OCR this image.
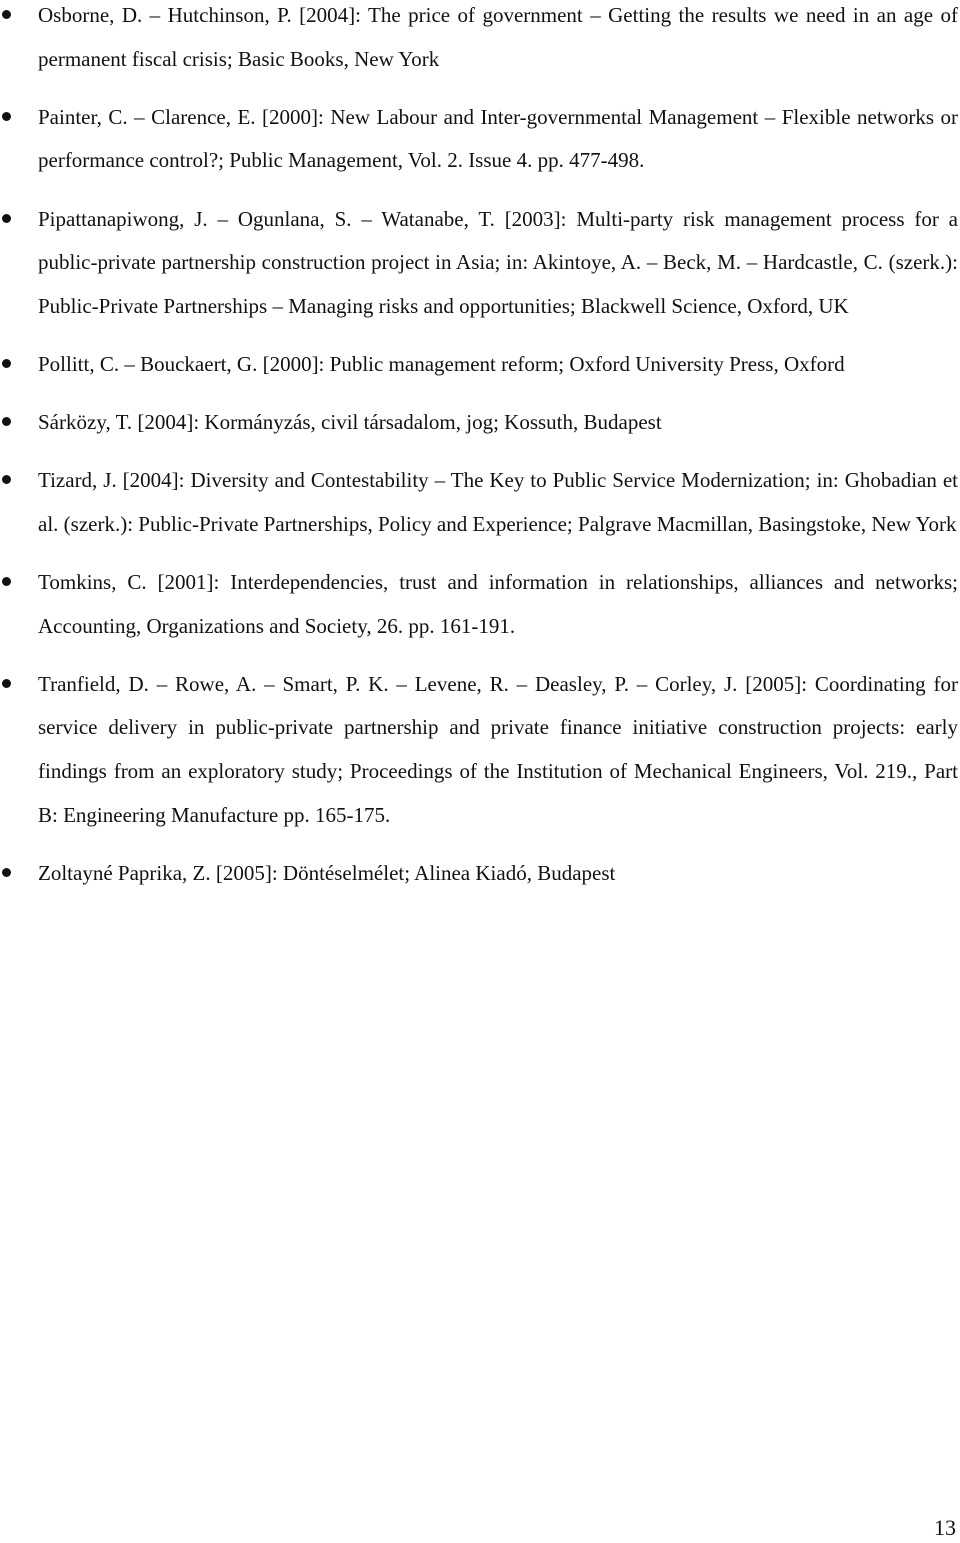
Osborne, D. – Hutchinson, P. [2004]: The price of government – Getting the results we need in an age of permanent fiscal crisis; Basic Books, New York
Painter, C. – Clarence, E. [2000]: New Labour and Inter-governmental Management – Flexible networks or performance control?; Public Management, Vol. 2. Issue 4. pp. 477-498.
Pipattanapiwong, J. – Ogunlana, S. – Watanabe, T. [2003]: Multi-party risk management process for a public-private partnership construction project in Asia; in: Akintoye, A. – Beck, M. – Hardcastle, C. (szerk.): Public-Private Partnerships – Managing risks and opportunities; Blackwell Science, Oxford, UK
Pollitt, C. – Bouckaert, G. [2000]: Public management reform; Oxford University Press, Oxford
Sárközy, T. [2004]: Kormányzás, civil társadalom, jog; Kossuth, Budapest
Tizard, J. [2004]: Diversity and Contestability – The Key to Public Service Modernization; in: Ghobadian et al. (szerk.): Public-Private Partnerships, Policy and Experience; Palgrave Macmillan, Basingstoke, New York
Tomkins, C. [2001]: Interdependencies, trust and information in relationships, alliances and networks; Accounting, Organizations and Society, 26. pp. 161-191.
Tranfield, D. – Rowe, A. – Smart, P. K. – Levene, R. – Deasley, P. – Corley, J. [2005]: Coordinating for service delivery in public-private partnership and private finance initiative construction projects: early findings from an exploratory study; Proceedings of the Institution of Mechanical Engineers, Vol. 219., Part B: Engineering Manufacture pp. 165-175.
Zoltayné Paprika, Z. [2005]: Döntéselmélet; Alinea Kiadó, Budapest
13
